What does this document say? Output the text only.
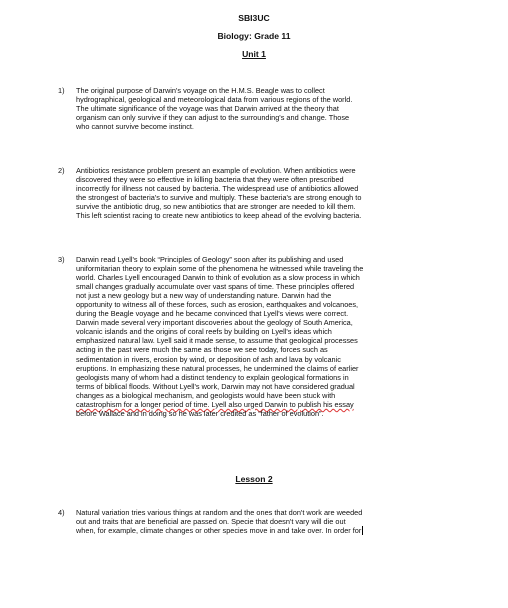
SBI3UC
Biology: Grade 11
Unit 1
1)	The original purpose of Darwin's voyage on the H.M.S. Beagle was to collect
hydrographical, geological and meteorological data from various regions of the world.
The ultimate significance of the voyage was that Darwin arrived at the theory that
organism can only survive if they can adjust to the surrounding's and change. Those
who cannot survive become instinct.
2)	Antibiotics resistance problem present an example of evolution. When antibiotics were
discovered they were so effective in killing bacteria that they were often prescribed
incorrectly for illness not caused by bacteria. The widespread use of antibiotics allowed
the strongest of bacteria's to survive and multiply. These bacteria's are strong enough to
survive the antibiotic drug, so new antibiotics that are stronger are needed to kill them.
This left scientist racing to create new antibiotics to keep ahead of the evolving bacteria.
3)	Darwin read Lyell's book “Principles of Geology” soon after its publishing and used
uniformitarian theory to explain some of the phenomena he witnessed while traveling the
world. Charles Lyell encouraged Darwin to think of evolution as a slow process in which
small changes gradually accumulate over vast spans of time. These principles offered
not just a new geology but a new way of understanding nature. Darwin had the
opportunity to witness all of these forces, such as erosion, earthquakes and volcanoes,
during the Beagle voyage and he became convinced that Lyell's views were correct.
Darwin made several very important discoveries about the geology of South America,
volcanic islands and the origins of coral reefs by building on Lyell's ideas which
emphasized natural law. Lyell said it made sense, to assume that geological processes
acting in the past were much the same as those we see today, forces such as
sedimentation in rivers, erosion by wind, or deposition of ash and lava by volcanic
eruptions. In emphasizing these natural processes, he undermined the claims of earlier
geologists many of whom had a distinct tendency to explain geological formations in
terms of biblical floods. Without Lyell's work, Darwin may not have considered gradual
changes as a biological mechanism, and geologists would have been stuck with
catastrophism for a longer period of time. Lyell also urged Darwin to publish his essay
before Wallace and in doing so he was later credited as “father of evolution”.
Lesson 2
4)	Natural variation tries various things at random and the ones that don't work are weeded
out and traits that are beneficial are passed on. Specie that doesn't vary will die out
when, for example, climate changes or other species move in and take over. In order for
